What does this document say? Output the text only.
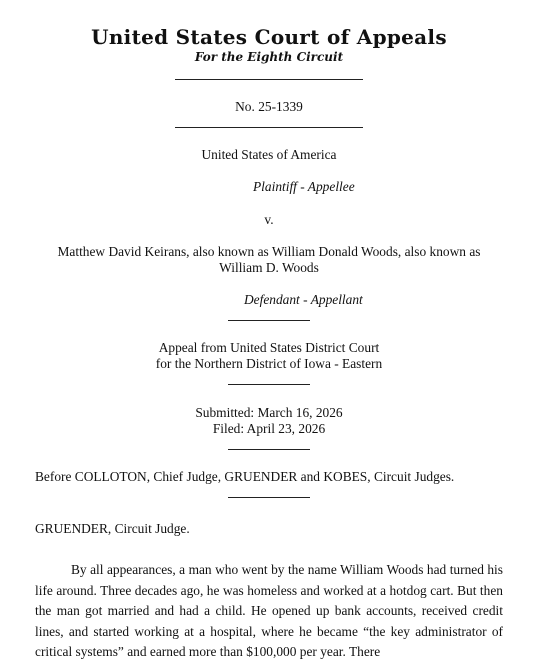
United States Court of Appeals
For the Eighth Circuit
No. 25-1339
United States of America
Plaintiff - Appellee
v.
Matthew David Keirans, also known as William Donald Woods, also known as
William D. Woods
Defendant - Appellant
Appeal from United States District Court
for the Northern District of Iowa - Eastern
Submitted: March 16, 2026
Filed: April 23, 2026
Before COLLOTON, Chief Judge, GRUENDER and KOBES, Circuit Judges.
GRUENDER, Circuit Judge.
By all appearances, a man who went by the name William Woods had turned his life around. Three decades ago, he was homeless and worked at a hotdog cart. But then the man got married and had a child. He opened up bank accounts, received credit lines, and started working at a hospital, where he became “the key administrator of critical systems” and earned more than $100,000 per year. There
